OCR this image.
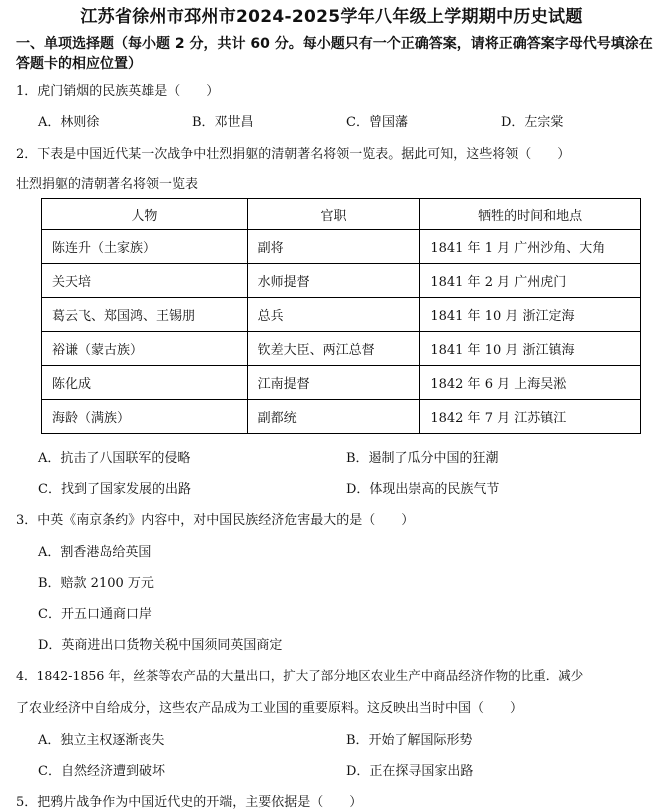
江苏省徐州市邳州市2024-2025学年八年级上学期期中历史试题
一、单项选择题（每小题 2 分，共计 60 分。每小题只有一个正确答案，请将正确答案字母代号填涂在答题卡的相应位置）
1．虎门销烟的民族英雄是（　　）
A．林则徐	B．邓世昌	C．曾国藩	D．左宗棠
2．下表是中国近代某一次战争中壮烈捐躯的清朝著名将领一览表。据此可知，这些将领（　　）
壮烈捐躯的清朝著名将领一览表
人物	官职	牺牲的时间和地点
陈连升（土家族）	副将	1841 年 1 月 广州沙角、大角
关天培	水师提督	1841 年 2 月 广州虎门
葛云飞、郑国鸿、王锡朋	总兵	1841 年 10 月 浙江定海
裕谦（蒙古族）	钦差大臣、两江总督	1841 年 10 月 浙江镇海
陈化成	江南提督	1842 年 6 月 上海吴淞
海龄（满族）	副都统	1842 年 7 月 江苏镇江
A．抗击了八国联军的侵略	B．遏制了瓜分中国的狂潮
C．找到了国家发展的出路	D．体现出崇高的民族气节
3．中英《南京条约》内容中，对中国民族经济危害最大的是（　　）
A．割香港岛给英国
B．赔款 2100 万元
C．开五口通商口岸
D．英商进出口货物关税中国须同英国商定
4．1842-1856 年，丝茶等农产品的大量出口，扩大了部分地区农业生产中商品经济作物的比重．减少
了农业经济中自给成分，这些农产品成为工业国的重要原料。这反映出当时中国（　　）
A．独立主权逐渐丧失	B．开始了解国际形势
C．自然经济遭到破坏	D．正在探寻国家出路
5．把鸦片战争作为中国近代史的开端，主要依据是（　　）
